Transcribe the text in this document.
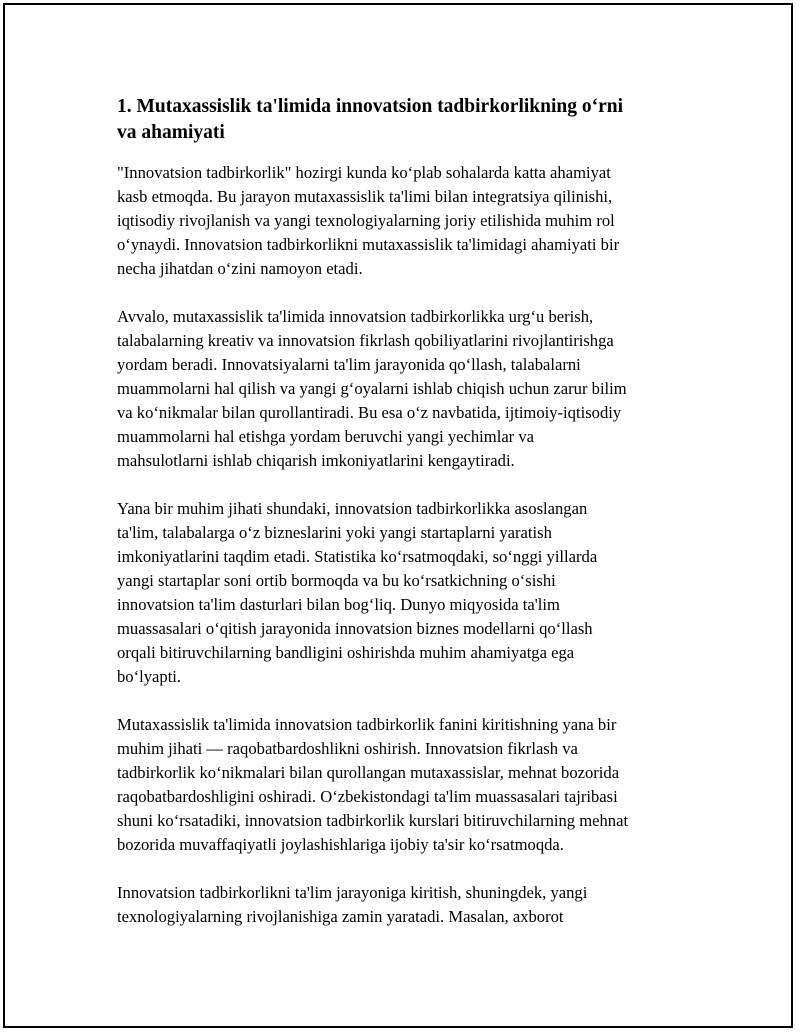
1. Mutaxassislik ta'limida innovatsion tadbirkorlikning o‘rni
va ahamiyati
"Innovatsion tadbirkorlik" hozirgi kunda ko‘plab sohalarda katta ahamiyat
kasb etmoqda. Bu jarayon mutaxassislik ta'limi bilan integratsiya qilinishi,
iqtisodiy rivojlanish va yangi texnologiyalarning joriy etilishida muhim rol
o‘ynaydi. Innovatsion tadbirkorlikni mutaxassislik ta'limidagi ahamiyati bir
necha jihatdan o‘zini namoyon etadi.
Avvalo, mutaxassislik ta'limida innovatsion tadbirkorlikka urg‘u berish,
talabalarning kreativ va innovatsion fikrlash qobiliyatlarini rivojlantirishga
yordam beradi. Innovatsiyalarni ta'lim jarayonida qo‘llash, talabalarni
muammolarni hal qilish va yangi g‘oyalarni ishlab chiqish uchun zarur bilim
va ko‘nikmalar bilan qurollantiradi. Bu esa o‘z navbatida, ijtimoiy-iqtisodiy
muammolarni hal etishga yordam beruvchi yangi yechimlar va
mahsulotlarni ishlab chiqarish imkoniyatlarini kengaytiradi.
Yana bir muhim jihati shundaki, innovatsion tadbirkorlikka asoslangan
ta'lim, talabalarga o‘z bizneslarini yoki yangi startaplarni yaratish
imkoniyatlarini taqdim etadi. Statistika ko‘rsatmoqdaki, so‘nggi yillarda
yangi startaplar soni ortib bormoqda va bu ko‘rsatkichning o‘sishi
innovatsion ta'lim dasturlari bilan bog‘liq. Dunyo miqyosida ta'lim
muassasalari o‘qitish jarayonida innovatsion biznes modellarni qo‘llash
orqali bitiruvchilarning bandligini oshirishda muhim ahamiyatga ega
bo‘lyapti.
Mutaxassislik ta'limida innovatsion tadbirkorlik fanini kiritishning yana bir
muhim jihati — raqobatbardoshlikni oshirish. Innovatsion fikrlash va
tadbirkorlik ko‘nikmalari bilan qurollangan mutaxassislar, mehnat bozorida
raqobatbardoshligini oshiradi. O‘zbekistondagi ta'lim muassasalari tajribasi
shuni ko‘rsatadiki, innovatsion tadbirkorlik kurslari bitiruvchilarning mehnat
bozorida muvaffaqiyatli joylashishlariga ijobiy ta'sir ko‘rsatmoqda.
Innovatsion tadbirkorlikni ta'lim jarayoniga kiritish, shuningdek, yangi
texnologiyalarning rivojlanishiga zamin yaratadi. Masalan, axborot
